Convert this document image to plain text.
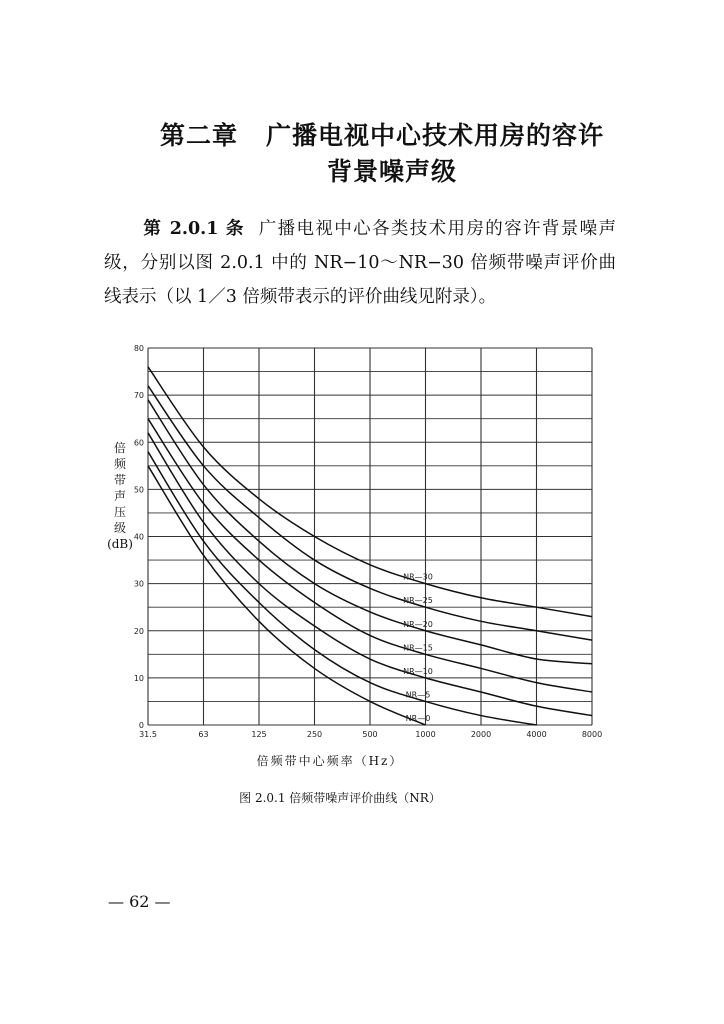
第二章 广播电视中心技术用房的容许
背景噪声级
第 2.0.1 条 广播电视中心各类技术用房的容许背景噪声级，分别以图 2.0.1 中的 NR−10～NR−30 倍频带噪声评价曲线表示（以 1／3 倍频带表示的评价曲线见附录）。
0
10
20
30
40
50
60
70
80
31.5	63	125	250	500	1000	2000	4000	8000
NR—30
NR—25
NR—20
NR—15
NR—10
NR—5
NR—0
倍频带中心频率（Hz）
倍
频
带
声
压
级
(dB)
图 2.0.1 倍频带噪声评价曲线（NR）
— 62 —
